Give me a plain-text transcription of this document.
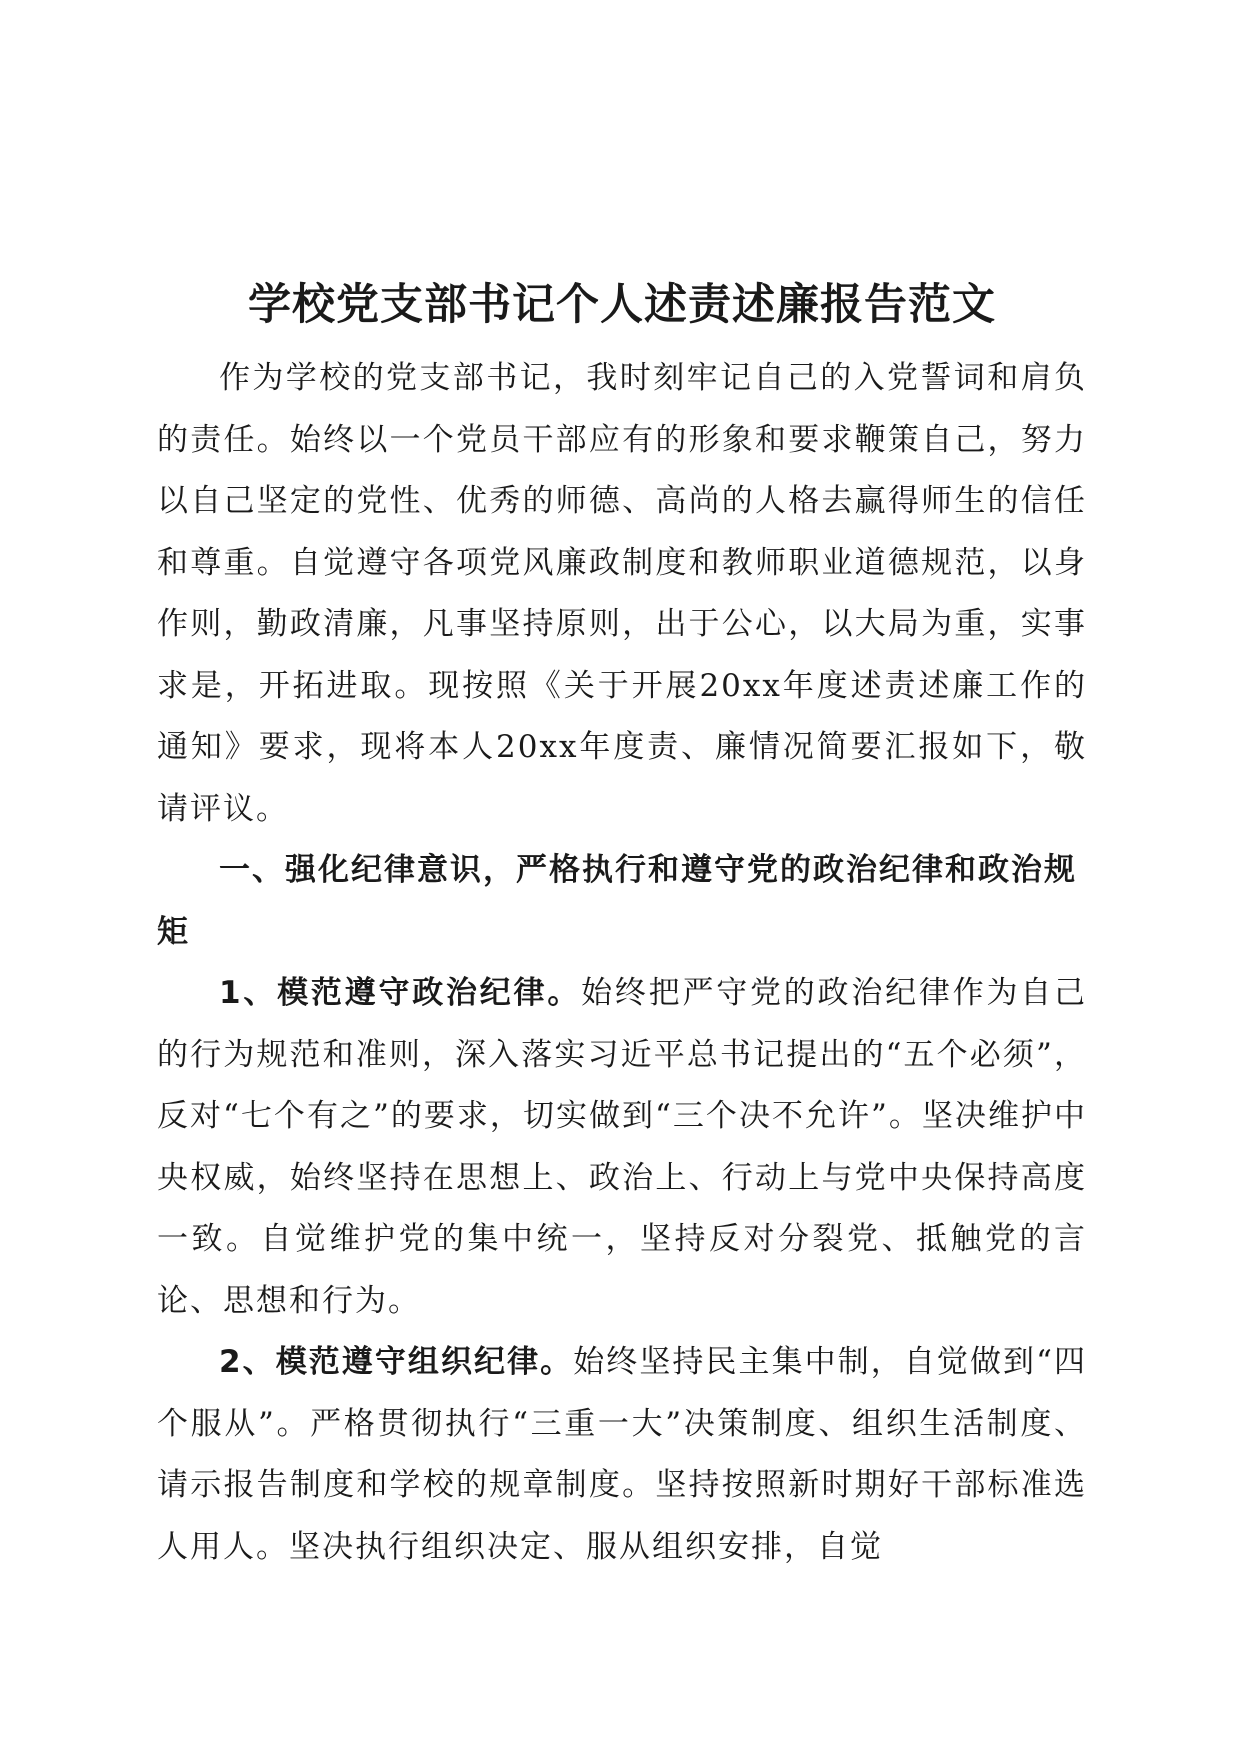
学校党支部书记个人述责述廉报告范文

作为学校的党支部书记，我时刻牢记自己的入党誓词和肩负的责任。始终以一个党员干部应有的形象和要求鞭策自己，努力以自己坚定的党性、优秀的师德、高尚的人格去赢得师生的信任和尊重。自觉遵守各项党风廉政制度和教师职业道德规范，以身作则，勤政清廉，凡事坚持原则，出于公心，以大局为重，实事求是，开拓进取。现按照《关于开展20xx年度述责述廉工作的通知》要求，现将本人20xx年度责、廉情况简要汇报如下，敬请评议。

一、强化纪律意识，严格执行和遵守党的政治纪律和政治规矩

1、模范遵守政治纪律。始终把严守党的政治纪律作为自己的行为规范和准则，深入落实习近平总书记提出的“五个必须”，反对“七个有之”的要求，切实做到“三个决不允许”。坚决维护中央权威，始终坚持在思想上、政治上、行动上与党中央保持高度一致。自觉维护党的集中统一，坚持反对分裂党、抵触党的言论、思想和行为。

2、模范遵守组织纪律。始终坚持民主集中制，自觉做到“四个服从”。严格贯彻执行“三重一大”决策制度、组织生活制度、请示报告制度和学校的规章制度。坚持按照新时期好干部标准选人用人。坚决执行组织决定、服从组织安排，自觉
